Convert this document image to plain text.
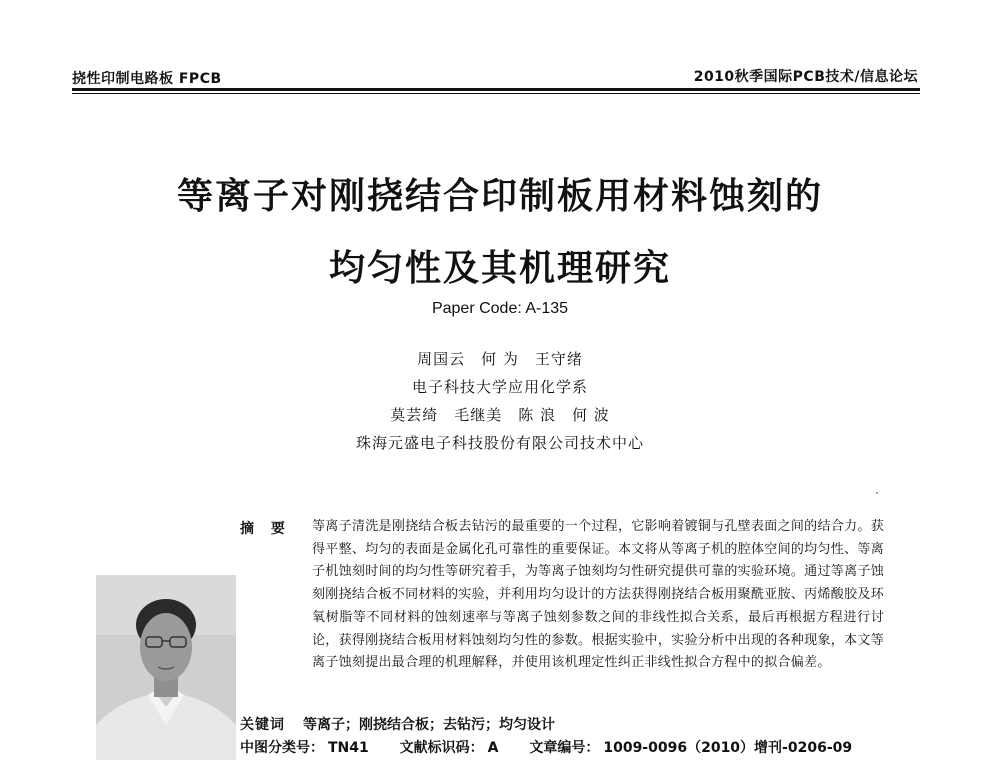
挠性印制电路板 FPCB	2010秋季国际PCB技术/信息论坛
等离子对刚挠结合印制板用材料蚀刻的
均匀性及其机理研究
Paper Code: A-135
周国云　何 为　王守绪
电子科技大学应用化学系
莫芸绮　毛继美　陈 浪　何 波
珠海元盛电子科技股份有限公司技术中心
摘 要 等离子清洗是刚挠结合板去钻污的最重要的一个过程，它影响着镀铜与孔壁表面之间的结合力。获得平整、均匀的表面是金属化孔可靠性的重要保证。本文将从等离子机的腔体空间的均匀性、等离子机蚀刻时间的均匀性等研究着手，为等离子蚀刻均匀性研究提供可靠的实验环境。通过等离子蚀刻刚挠结合板不同材料的实验，并利用均匀设计的方法获得刚挠结合板用聚酰亚胺、丙烯酸胶及环氧树脂等不同材料的蚀刻速率与等离子蚀刻参数之间的非线性拟合关系，最后再根据方程进行讨论，获得刚挠结合板用材料蚀刻均匀性的参数。根据实验中，实验分析中出现的各种现象，本文等离子蚀刻提出最合理的机理解释，并使用该机理定性纠正非线性拟合方程中的拟合偏差。

关键词 等离子；刚挠结合板；去钻污；均匀设计
中图分类号： TN41 文献标识码： A 文章编号： 1009-0096（2010）增刊-0206-09
